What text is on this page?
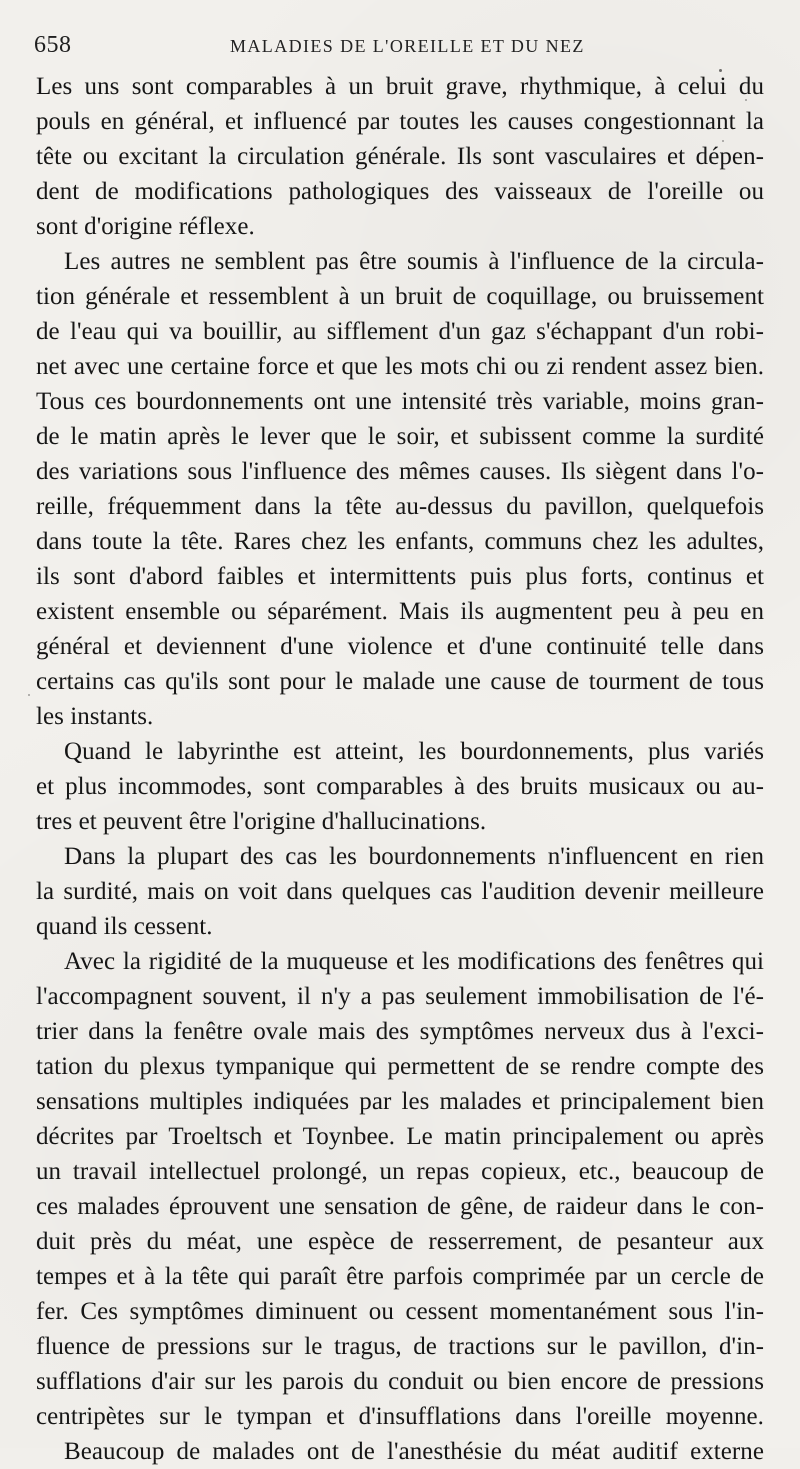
658	MALADIES DE L'OREILLE ET DU NEZ
Les uns sont comparables à un bruit grave, rhythmique, à celui du
pouls en général, et influencé par toutes les causes congestionnant la
tête ou excitant la circulation générale. Ils sont vasculaires et dépen-
dent de modifications pathologiques des vaisseaux de l'oreille ou
sont d'origine réflexe.
Les autres ne semblent pas être soumis à l'influence de la circula-
tion générale et ressemblent à un bruit de coquillage, ou bruissement
de l'eau qui va bouillir, au sifflement d'un gaz s'échappant d'un robi-
net avec une certaine force et que les mots chi ou zi rendent assez bien.
Tous ces bourdonnements ont une intensité très variable, moins gran-
de le matin après le lever que le soir, et subissent comme la surdité
des variations sous l'influence des mêmes causes. Ils siègent dans l'o-
reille, fréquemment dans la tête au-dessus du pavillon, quelquefois
dans toute la tête. Rares chez les enfants, communs chez les adultes,
ils sont d'abord faibles et intermittents puis plus forts, continus et
existent ensemble ou séparément. Mais ils augmentent peu à peu en
général et deviennent d'une violence et d'une continuité telle dans
certains cas qu'ils sont pour le malade une cause de tourment de tous
les instants.
Quand le labyrinthe est atteint, les bourdonnements, plus variés
et plus incommodes, sont comparables à des bruits musicaux ou au-
tres et peuvent être l'origine d'hallucinations.
Dans la plupart des cas les bourdonnements n'influencent en rien
la surdité, mais on voit dans quelques cas l'audition devenir meilleure
quand ils cessent.
Avec la rigidité de la muqueuse et les modifications des fenêtres qui
l'accompagnent souvent, il n'y a pas seulement immobilisation de l'é-
trier dans la fenêtre ovale mais des symptômes nerveux dus à l'exci-
tation du plexus tympanique qui permettent de se rendre compte des
sensations multiples indiquées par les malades et principalement bien
décrites par Troeltsch et Toynbee. Le matin principalement ou après
un travail intellectuel prolongé, un repas copieux, etc., beaucoup de
ces malades éprouvent une sensation de gêne, de raideur dans le con-
duit près du méat, une espèce de resserrement, de pesanteur aux
tempes et à la tête qui paraît être parfois comprimée par un cercle de
fer. Ces symptômes diminuent ou cessent momentanément sous l'in-
fluence de pressions sur le tragus, de tractions sur le pavillon, d'in-
sufflations d'air sur les parois du conduit ou bien encore de pressions
centripètes sur le tympan et d'insufflations dans l'oreille moyenne.
Beaucoup de malades ont de l'anesthésie du méat auditif externe
